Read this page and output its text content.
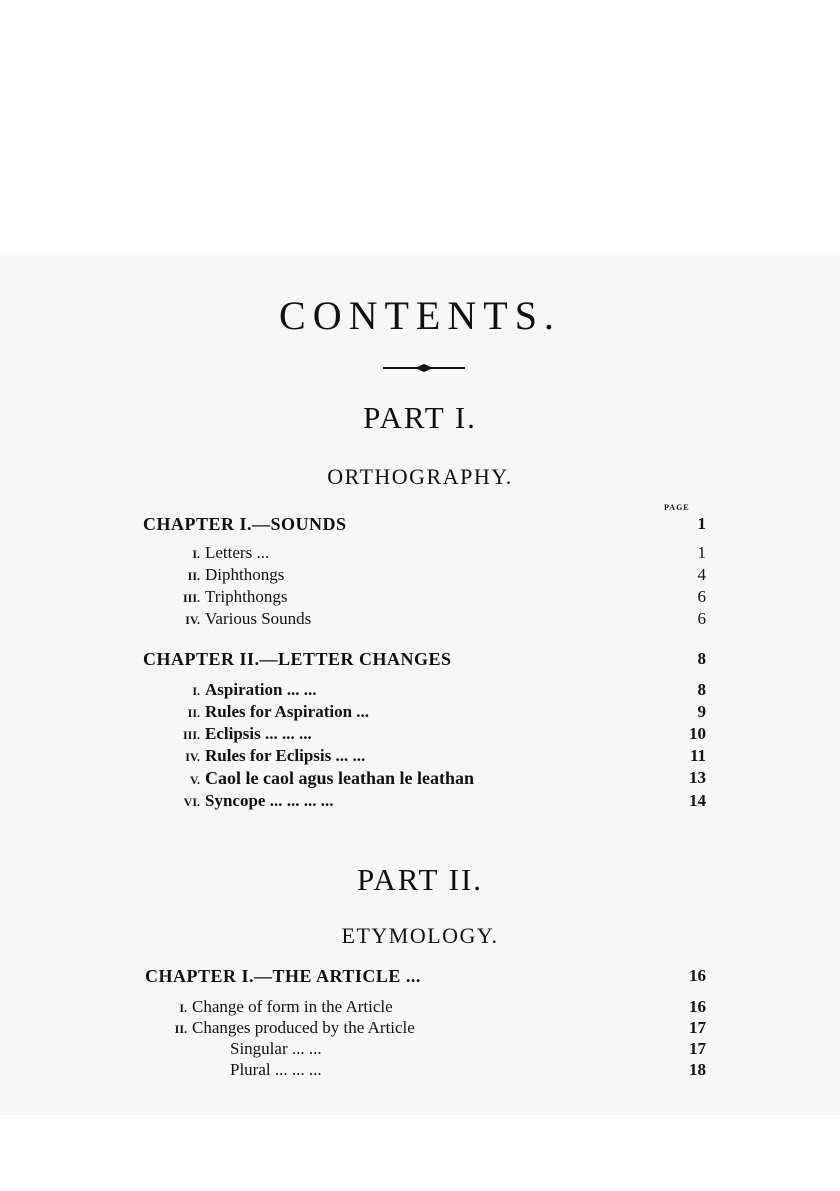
CONTENTS.
PART I.
ORTHOGRAPHY.
PAGE
CHAPTER I.—SOUNDS	1
I. Letters ...	1
II. Diphthongs	4
III. Triphthongs	6
IV. Various Sounds	6
CHAPTER II.—LETTER CHANGES	8
I. Aspiration ... ...	8
II. Rules for Aspiration ...	9
III. Eclipsis ... ... ...	10
IV. Rules for Eclipsis ... ...	11
V. Caol le caol agus leathan le leathan	13
VI. Syncope ... ... ... ...	14
PART II.
ETYMOLOGY.
CHAPTER I.—THE ARTICLE ...	16
I. Change of form in the Article	16
II. Changes produced by the Article	17
Singular ... ...	17
Plural ... ... ...	18
